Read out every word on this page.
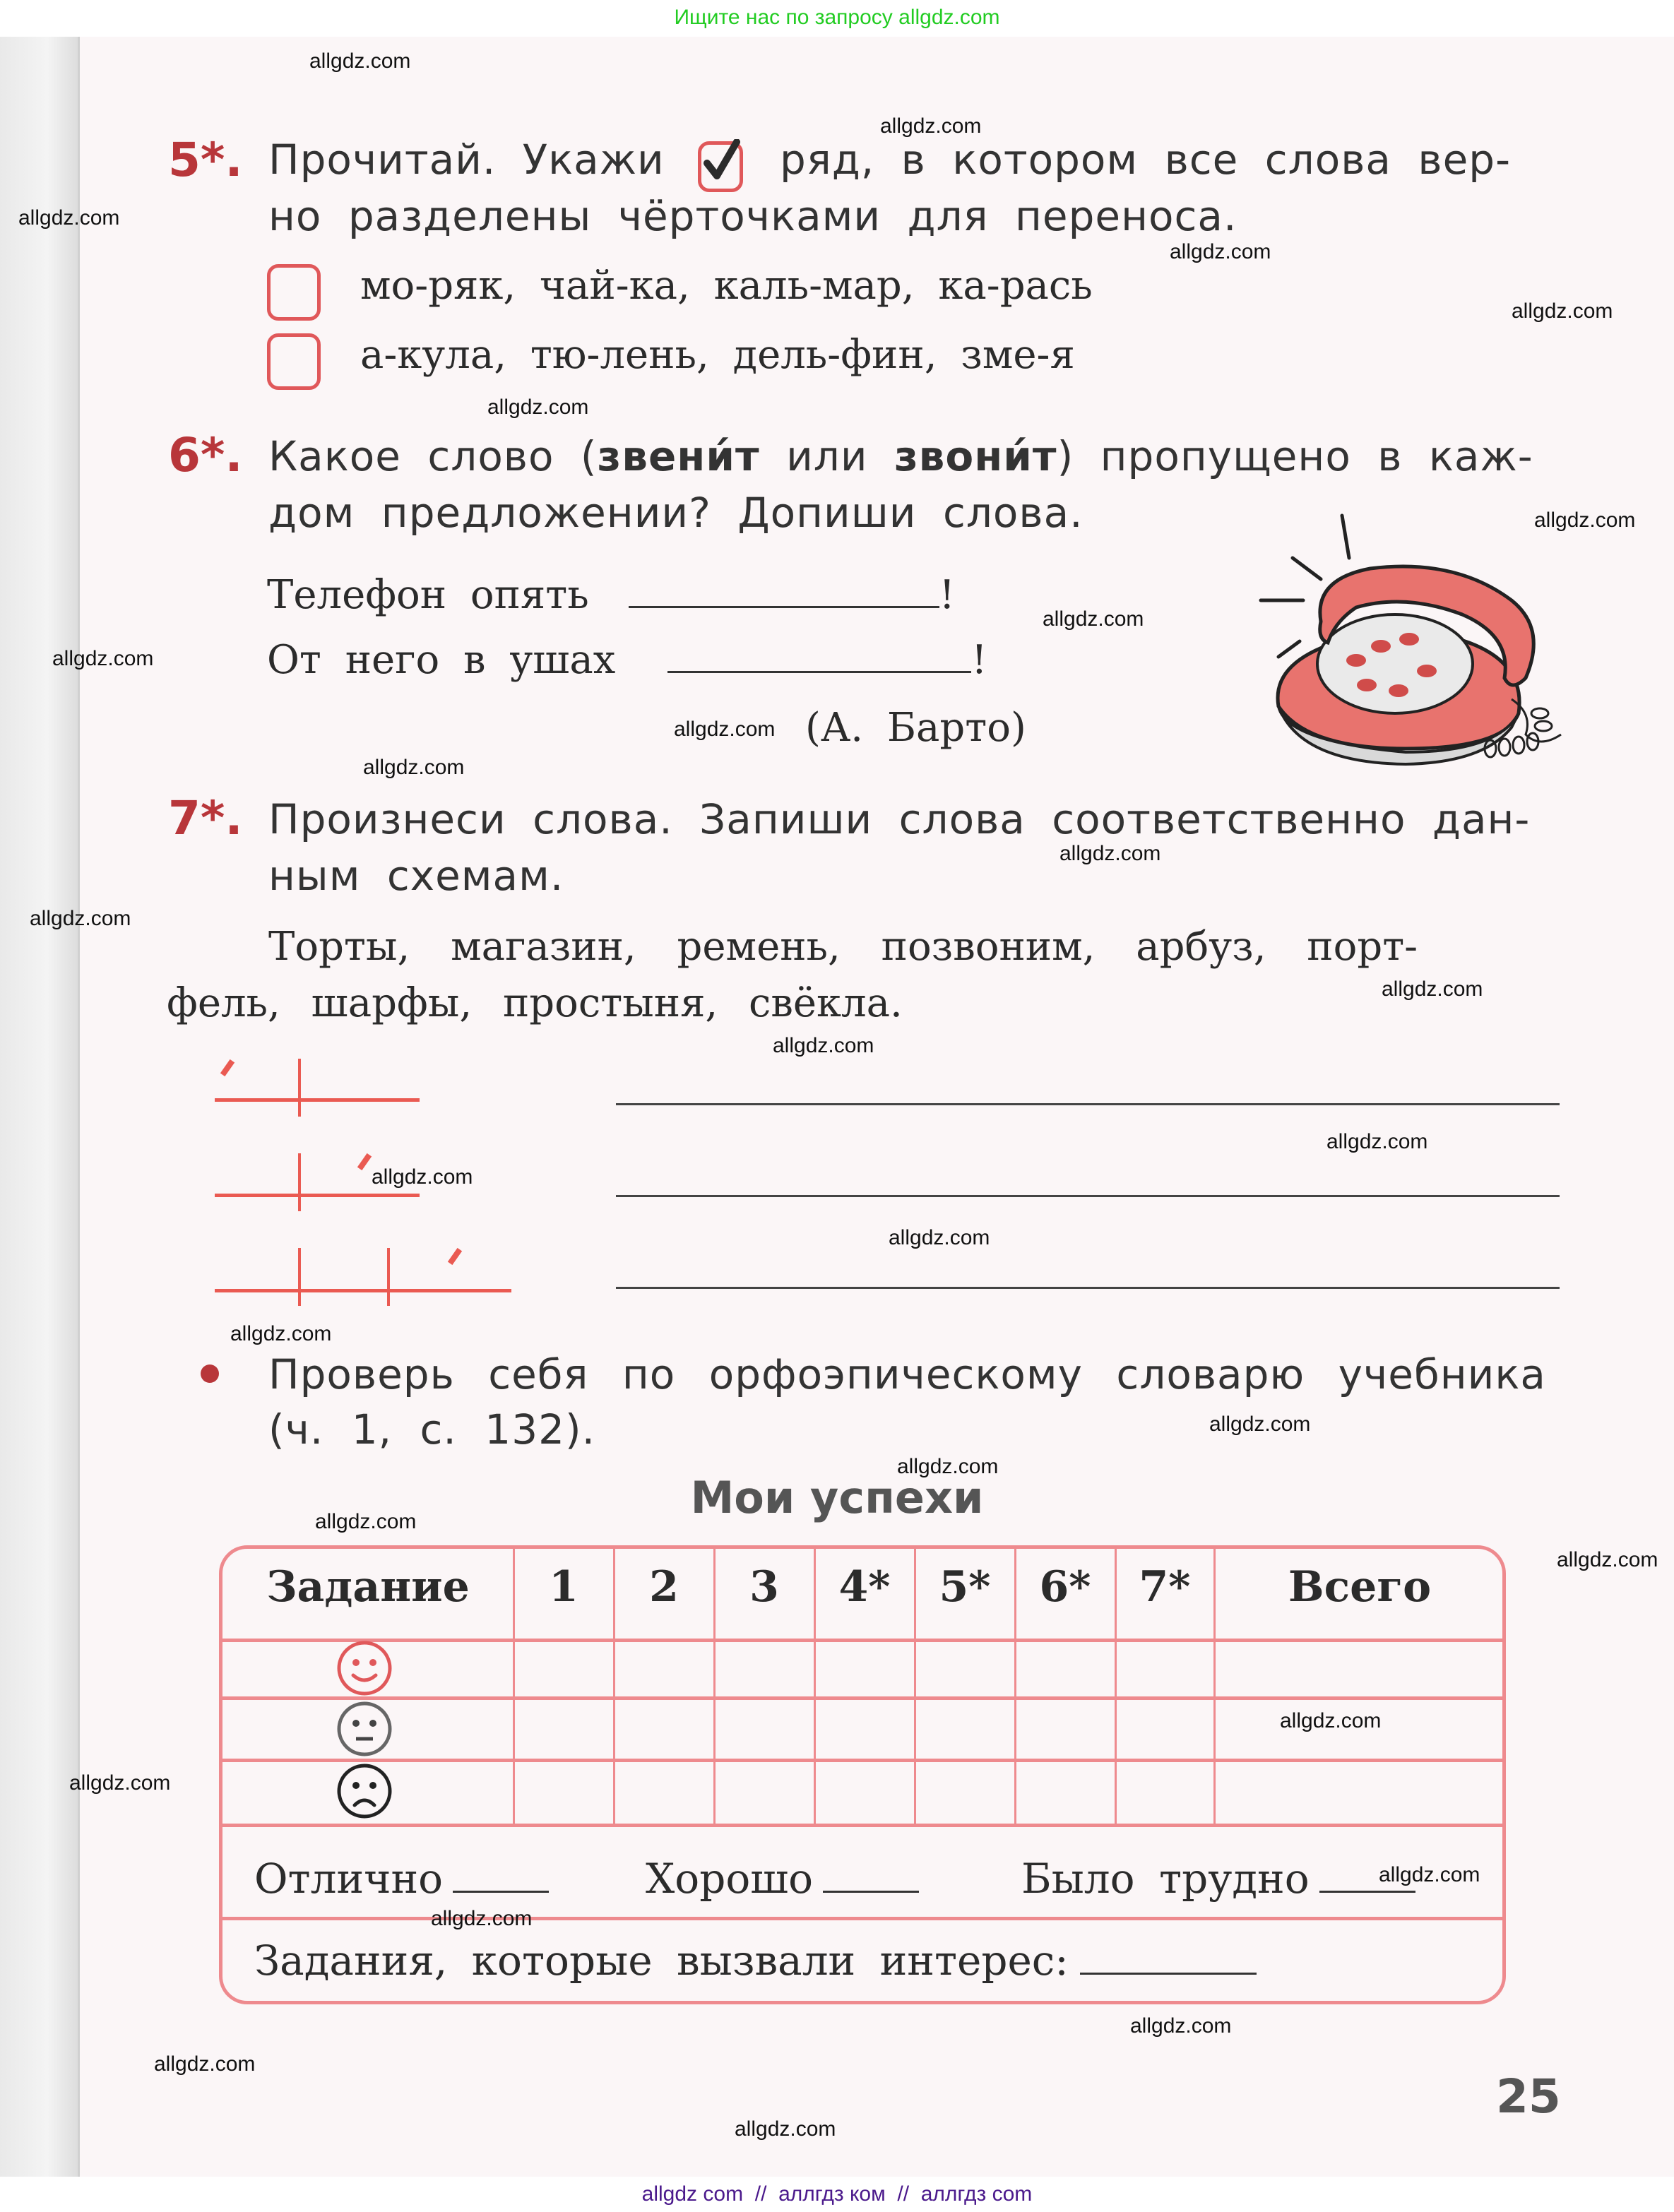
Ищите нас по запросу allgdz.com
5*. Прочитай. Укажи	ряд, в котором все слова вер-
но разделены чёрточками для переноса.
мо-ряк, чай-ка, каль-мар, ка-рась
а-кула, тю-лень, дель-фин, зме-я
6*. Какое слово (звени́т или звони́т) пропущено в каж-
дом предложении? Допиши слова.
Телефон опять	!
От него в ушах	!
(А. Барто)
7*. Произнеси слова. Запиши слова соответственно дан-
ным схемам.
Торты, магазин, ремень, позвоним, арбуз, порт-
фель, шарфы, простыня, свёкла.
Проверь себя по орфоэпическому словарю учебника
(ч. 1, с. 132).
Мои успехи
Задание	1	2	3	4*	5*	6*	7*	Всего
Отлично	Хорошо	Было трудно
Задания, которые вызвали интерес:
25
allgdz.com
allgdz.com
allgdz.com
allgdz.com
allgdz.com
allgdz.com
allgdz.com
allgdz.com
allgdz.com
allgdz.com
allgdz.com
allgdz.com
allgdz.com
allgdz.com
allgdz.com
allgdz.com
allgdz.com
allgdz.com
allgdz.com
allgdz.com
allgdz.com
allgdz.com
allgdz.com
allgdz.com
allgdz.com
allgdz.com
allgdz.com
allgdz.com
allgdz.com
allgdz.com
allgdz com  //  аллгдз ком  //  аллгдз com
